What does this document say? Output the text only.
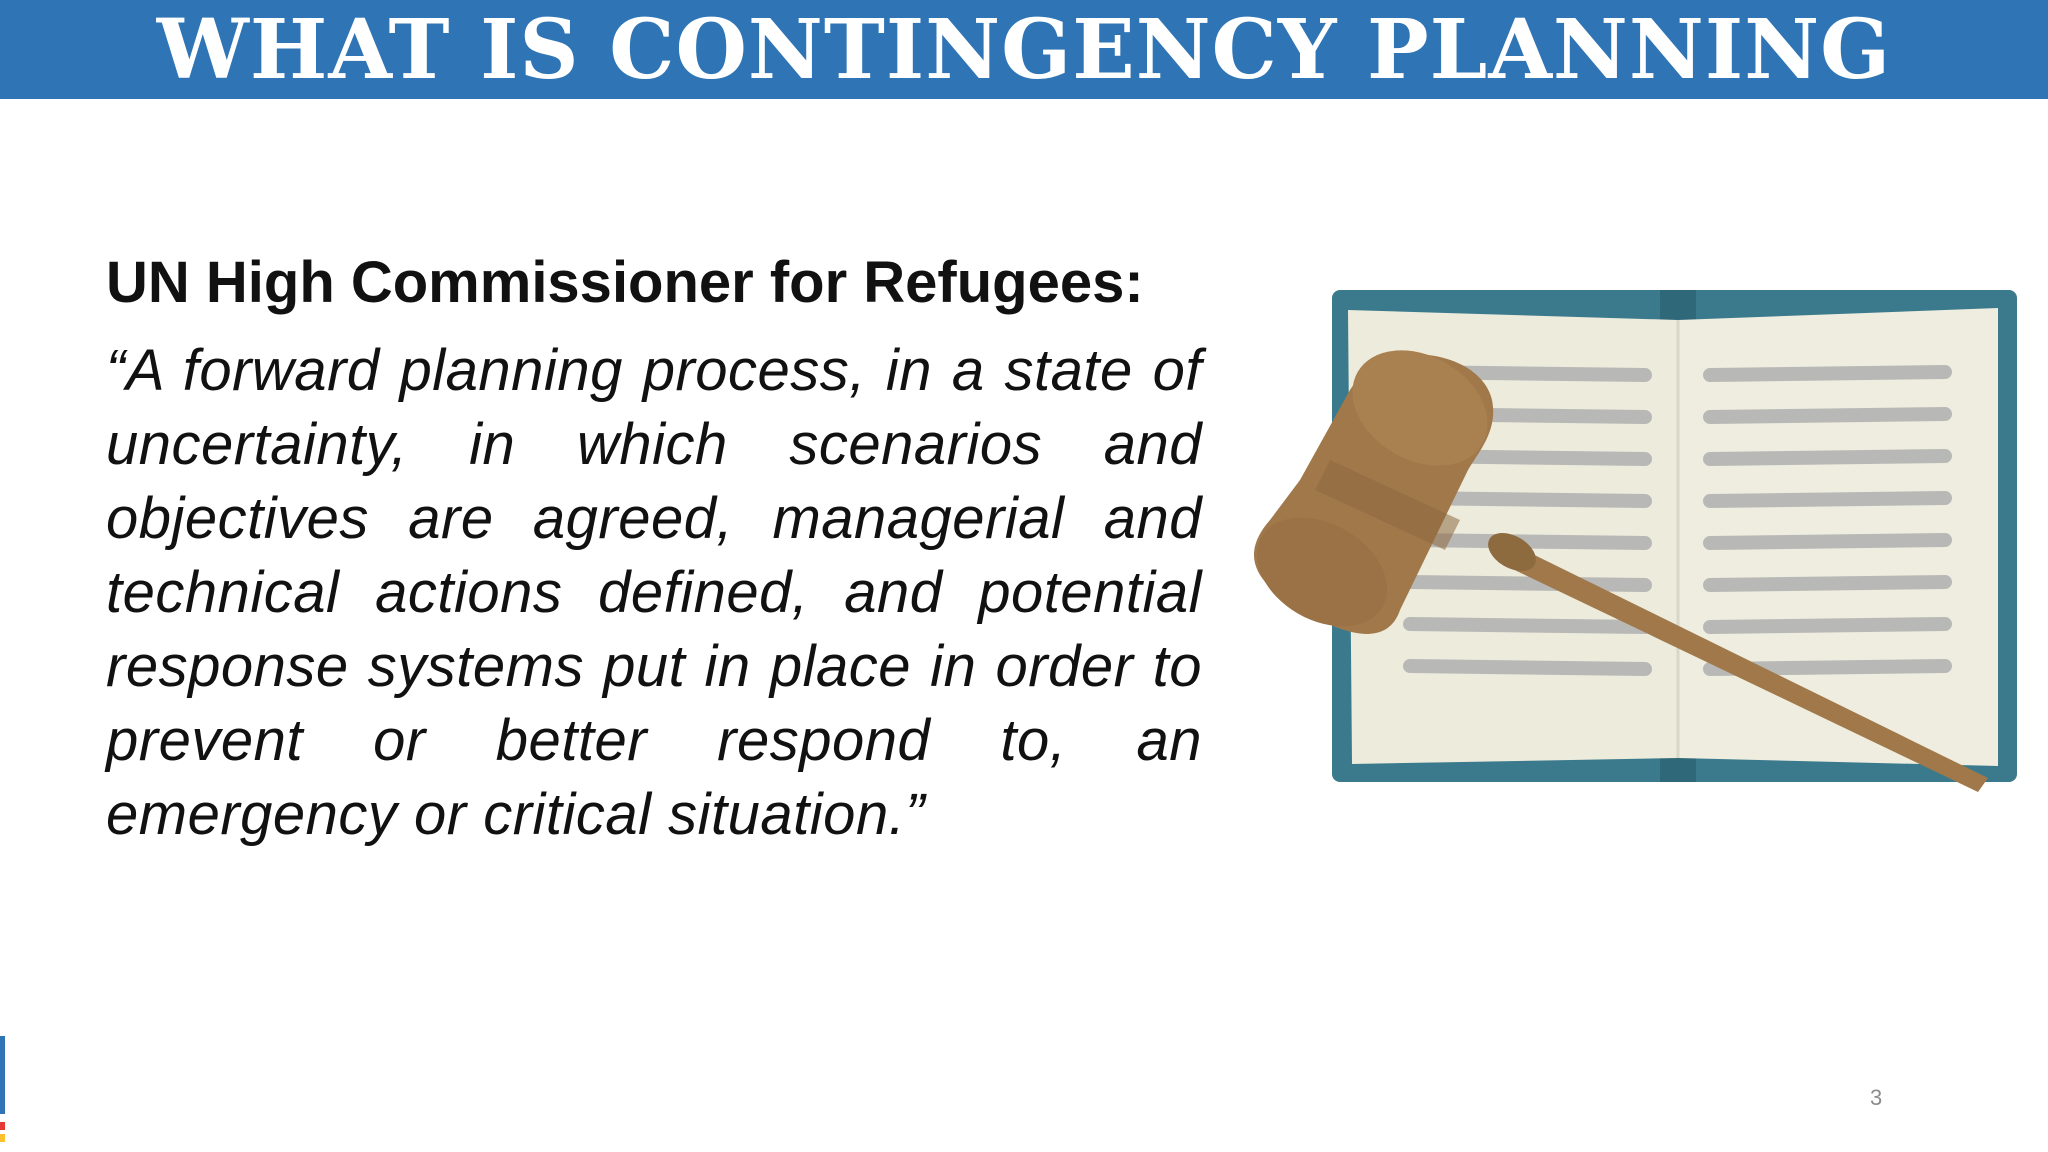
WHAT IS CONTINGENCY PLANNING

UN High Commissioner for Refugees:

“A forward planning process, in a state of uncertainty, in which scenarios and objectives are agreed, managerial and technical actions defined, and potential response systems put in place in order to prevent or better respond to, an emergency or critical situation.”

3
